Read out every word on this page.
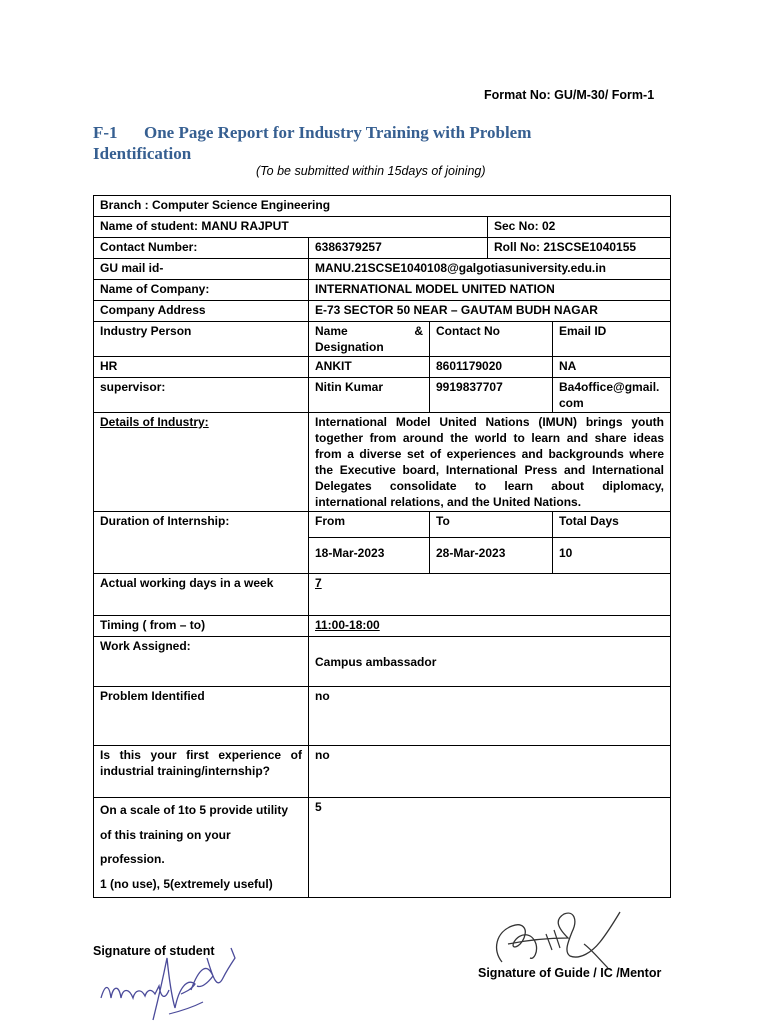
Format No: GU/M-30/ Form-1
F-1 One Page Report for Industry Training with Problem Identification
(To be submitted within 15days of joining)
Branch : Computer Science Engineering				
Name of student: MANU RAJPUT			Sec No: 02	
Contact Number:	6386379257		Roll No: 21SCSE1040155	
GU mail id-	MANU.21SCSE1040108@galgotiasuniversity.edu.in			
Name of Company:	INTERNATIONAL MODEL UNITED NATION			
Company Address	E-73 SECTOR 50 NEAR – GAUTAM BUDH NAGAR			
Industry Person	Name & Designation	Contact No		Email ID
HR	ANKIT	8601179020		NA
supervisor:	Nitin Kumar	9919837707		Ba4office@gmail.com
Details of Industry:	International Model United Nations (IMUN) brings youth together from around the world to learn and share ideas from a diverse set of experiences and backgrounds where the Executive board, International Press and International Delegates consolidate to learn about diplomacy, international relations, and the United Nations.			
Duration of Internship:	From	To		Total Days
	18-Mar-2023	28-Mar-2023		10
Actual working days in a week	7			
Timing ( from – to)	11:00-18:00			
Work Assigned:	Campus ambassador			
Problem Identified	no			
Is this your first experience of industrial training/internship?	no			

On a scale of 1to 5 provide utility
of this training on your
profession.
1 (no use), 5(extremely useful)	5			
Signature of student
Signature of Guide / IC /Mentor
